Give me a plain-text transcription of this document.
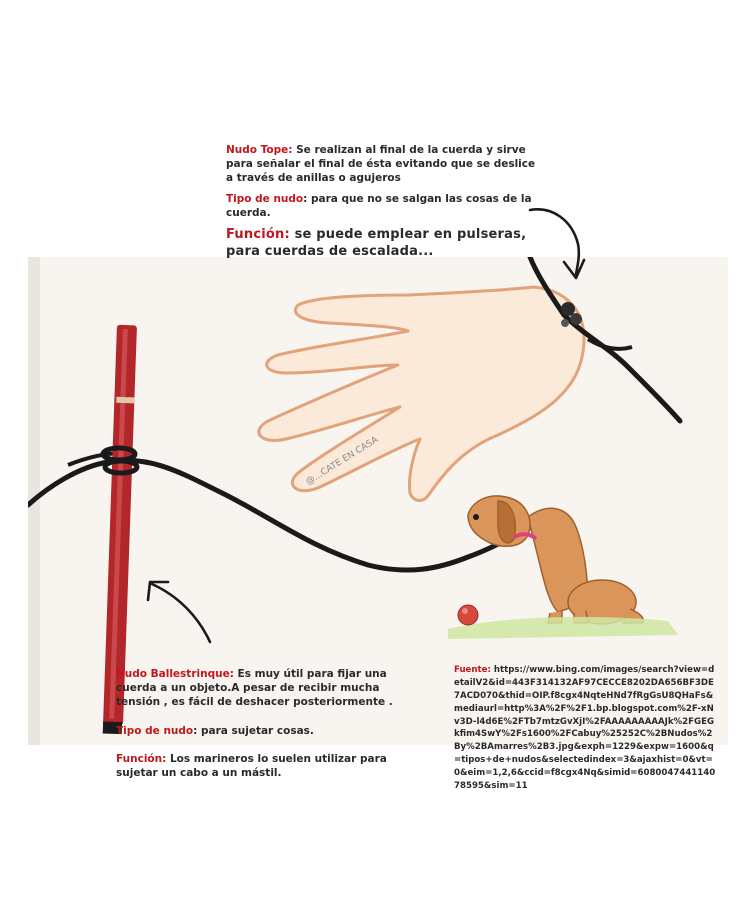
@...CATE EN CASA

Nudo Tope: Se realizan al final de la cuerda y sirve para señalar el final de ésta evitando que se deslice a través de anillas o agujeros

Tipo de nudo: para que no se salgan las cosas de la cuerda.

Función: se puede emplear en pulseras, para cuerdas de escalada...

Nudo Ballestrinque: Es muy útil para fijar una cuerda a un objeto.A pesar de recibir mucha tensión , es fácil de deshacer posteriormente .

Tipo de nudo: para sujetar cosas.

Función: Los marineros lo suelen utilizar para sujetar un cabo a un mástil.

Fuente: https://www.bing.com/images/search?view=detailV2&id=443F314132AF97CECCE8202DA656BF3DE7ACD070&thid=OIP.f8cgx4NqteHNd7fRgGsU8QHaFs&mediaurl=http%3A%2F%2F1.bp.blogspot.com%2F-xNv3D-l4d6E%2FTb7mtzGvXjI%2FAAAAAAAAAJk%2FGEGkfim4SwY%2Fs1600%2FCabuy%25252C%2BNudos%2By%2BAmarres%2B3.jpg&exph=1229&expw=1600&q=tipos+de+nudos&selectedindex=3&ajaxhist=0&vt=0&eim=1,2,6&ccid=f8cgx4Nq&simid=608004744114078595&sim=11
